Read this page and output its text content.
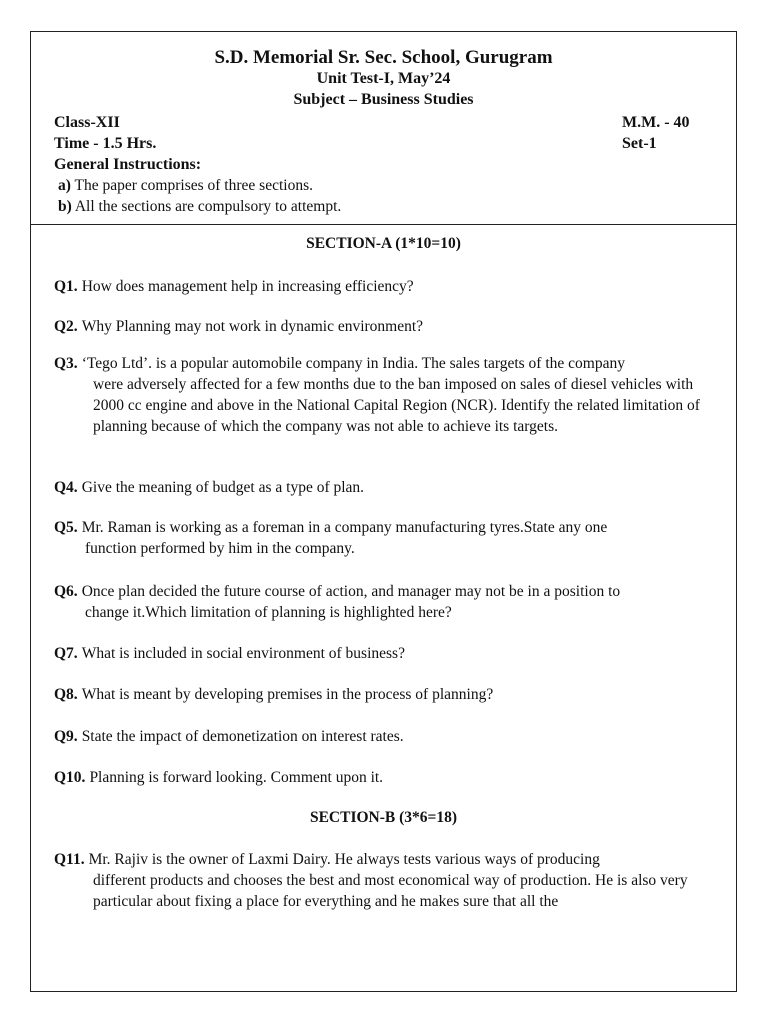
S.D. Memorial Sr. Sec. School, Gurugram
Unit Test-I, May’24
Subject – Business Studies
Class-XII	M.M. - 40
Time - 1.5 Hrs.	Set-1
General Instructions:
a) The paper comprises of three sections.
b) All the sections are compulsory to attempt.
SECTION-A (1*10=10)
Q1. How does management help in increasing efficiency?
Q2. Why Planning may not work in dynamic environment?
Q3. ‘Tego Ltd’. is a popular automobile company in India. The sales targets of the company
were adversely affected for a few months due to the ban imposed on sales of diesel vehicles with 2000 cc engine and above in the National Capital Region (NCR). Identify the related limitation of planning because of which the company was not able to achieve its targets.
Q4. Give the meaning of budget as a type of plan.
Q5. Mr. Raman is working as a foreman in a company manufacturing tyres.State any one
function performed by him in the company.
Q6. Once plan decided the future course of action, and manager may not be in a position to
change it.Which limitation of planning is highlighted here?
Q7. What is included in social environment of business?
Q8. What is meant by developing premises in the process of planning?
Q9. State the impact of demonetization on interest rates.
Q10. Planning is forward looking. Comment upon it.
SECTION-B (3*6=18)
Q11. Mr. Rajiv is the owner of Laxmi Dairy. He always tests various ways of producing
different products and chooses the best and most economical way of production. He is also very particular about fixing a place for everything and he makes sure that all the
